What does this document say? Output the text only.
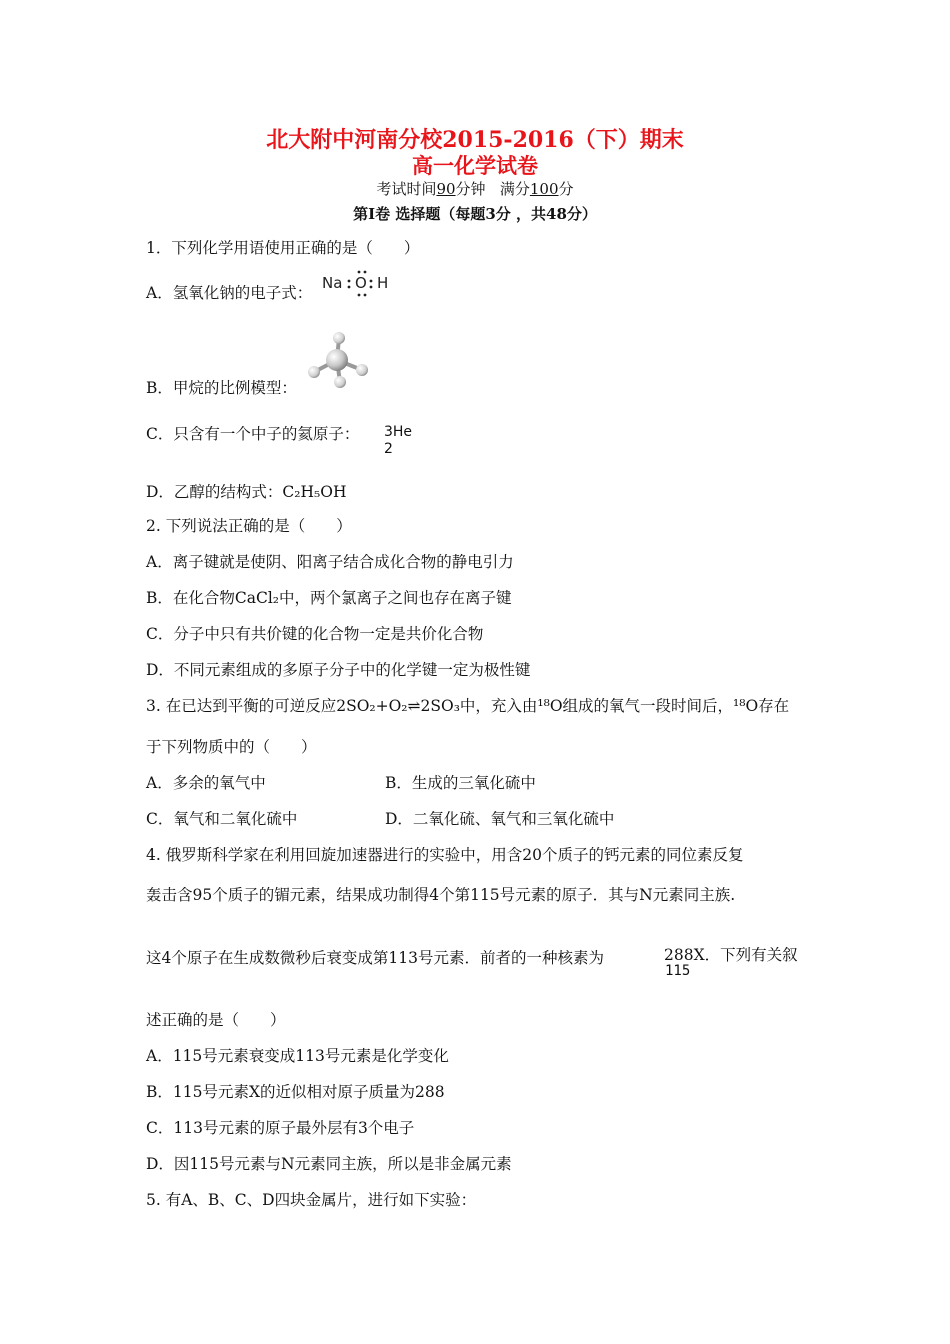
北大附中河南分校2015-2016（下）期末
高一化学试卷
考试时间90分钟 满分100分
第Ⅰ卷 选择题（每题3分 ，共48分）
1．下列化学用语使用正确的是（　　）
A．氢氧化钠的电子式：
Na O H
B．甲烷的比例模型：
C．只含有一个中子的氦原子： 3He
2
D．乙醇的结构式：C₂H₅OH
2. 下列说法正确的是（　　）
A．离子键就是使阴、阳离子结合成化合物的静电引力
B．在化合物CaCl₂中，两个氯离子之间也存在离子键
C．分子中只有共价键的化合物一定是共价化合物
D．不同元素组成的多原子分子中的化学键一定为极性键
3. 在已达到平衡的可逆反应2SO₂+O₂⇌2SO₃中，充入由¹⁸O组成的氧气一段时间后，¹⁸O存在
于下列物质中的（　　）
A．多余的氧气中	B．生成的三氧化硫中
C．氧气和二氧化硫中	D．二氧化硫、氧气和三氧化硫中
4. 俄罗斯科学家在利用回旋加速器进行的实验中，用含20个质子的钙元素的同位素反复
轰击含95个质子的镅元素，结果成功制得4个第115号元素的原子．其与N元素同主族.
这4个原子在生成数微秒后衰变成第113号元素．前者的一种核素为	288X．下列有关叙
115
述正确的是（　　）
A．115号元素衰变成113号元素是化学变化
B．115号元素X的近似相对原子质量为288
C．113号元素的原子最外层有3个电子
D．因115号元素与N元素同主族，所以是非金属元素
5. 有A、B、C、D四块金属片，进行如下实验：
